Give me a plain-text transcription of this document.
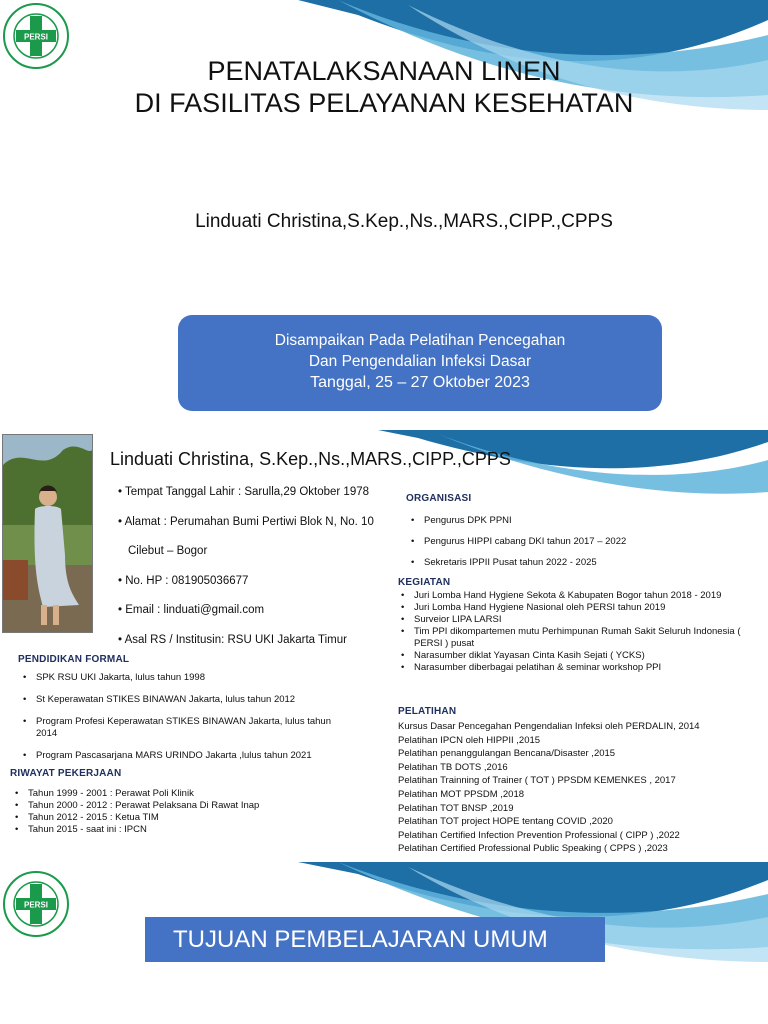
PERSI
PENATALAKSANAAN LINEN
DI FASILITAS PELAYANAN KESEHATAN
Linduati Christina,S.Kep.,Ns.,MARS.,CIPP.,CPPS
Disampaikan Pada Pelatihan Pencegahan
Dan Pengendalian Infeksi Dasar
Tanggal, 25 – 27 Oktober 2023
Linduati Christina, S.Kep.,Ns.,MARS.,CIPP.,CPPS
• Tempat Tanggal Lahir : Sarulla,29 Oktober 1978
• Alamat : Perumahan Bumi Pertiwi Blok N, No. 10
Cilebut – Bogor
• No. HP : 081905036677
• Email : linduati@gmail.com
• Asal RS / Institusin: RSU UKI Jakarta Timur
PENDIDIKAN FORMAL
• SPK RSU UKI Jakarta, lulus tahun 1998
• St Keperawatan STIKES BINAWAN Jakarta, lulus tahun 2012
• Program Profesi Keperawatan STIKES BINAWAN Jakarta, lulus tahun 2014
• Program Pascasarjana MARS URINDO Jakarta ,lulus tahun 2021
RIWAYAT PEKERJAAN
• Tahun 1999 - 2001 : Perawat Poli Klinik
• Tahun 2000 - 2012 : Perawat Pelaksana Di Rawat Inap
• Tahun 2012 - 2015 : Ketua TIM
• Tahun 2015 - saat ini : IPCN
ORGANISASI
• Pengurus DPK PPNI
• Pengurus HIPPI cabang DKI tahun 2017 – 2022
• Sekretaris IPPII Pusat tahun 2022 - 2025
KEGIATAN
• Juri Lomba Hand Hygiene Sekota & Kabupaten Bogor tahun 2018 - 2019
• Juri Lomba Hand Hygiene Nasional oleh PERSI tahun 2019
• Surveior LIPA LARSI
• Tim PPI dikompartemen mutu Perhimpunan Rumah Sakit Seluruh Indonesia ( PERSI ) pusat
• Narasumber diklat Yayasan Cinta Kasih Sejati ( YCKS)
• Narasumber diberbagai pelatihan & seminar workshop PPI
PELATIHAN
Kursus Dasar Pencegahan Pengendalian Infeksi oleh PERDALIN, 2014
Pelatihan IPCN oleh HIPPII ,2015
Pelatihan penanggulangan Bencana/Disaster ,2015
Pelatihan TB DOTS ,2016
Pelatihan Trainning of Trainer ( TOT ) PPSDM KEMENKES , 2017
Pelatihan MOT PPSDM ,2018
Pelatihan TOT BNSP ,2019
Pelatihan TOT project HOPE tentang COVID ,2020
Pelatihan Certified Infection Prevention Professional ( CIPP ) ,2022
Pelatihan Certified Professional Public Speaking ( CPPS ) ,2023
PERSI
TUJUAN PEMBELAJARAN UMUM
